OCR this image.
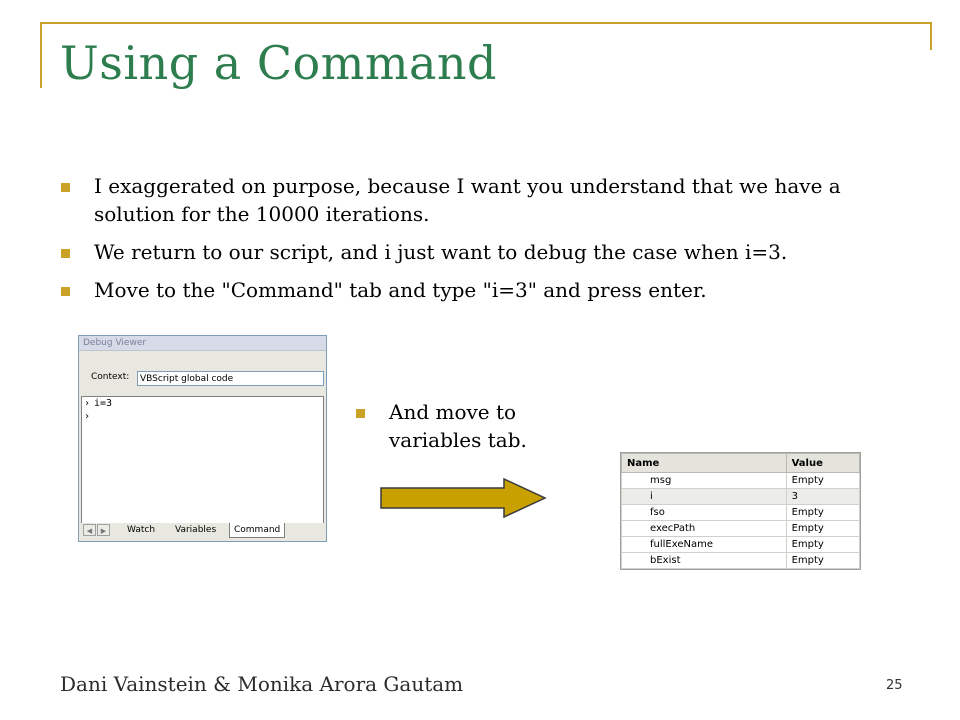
Using a Command
I exaggerated on purpose, because I want you understand that we have a solution for the 10000 iterations.
We return to our script, and i just want to debug the case when i=3.
Move to the "Command" tab and type "i=3" and press enter.
Debug Viewer
Context:	VBScript global code
› i=3
›
◀	▶	Watch	Variables	Command
And move to variables tab.
Name	Value
msg	Empty
i	3
fso	Empty
execPath	Empty
fullExeName	Empty
bExist	Empty
Dani Vainstein & Monika Arora Gautam	25
